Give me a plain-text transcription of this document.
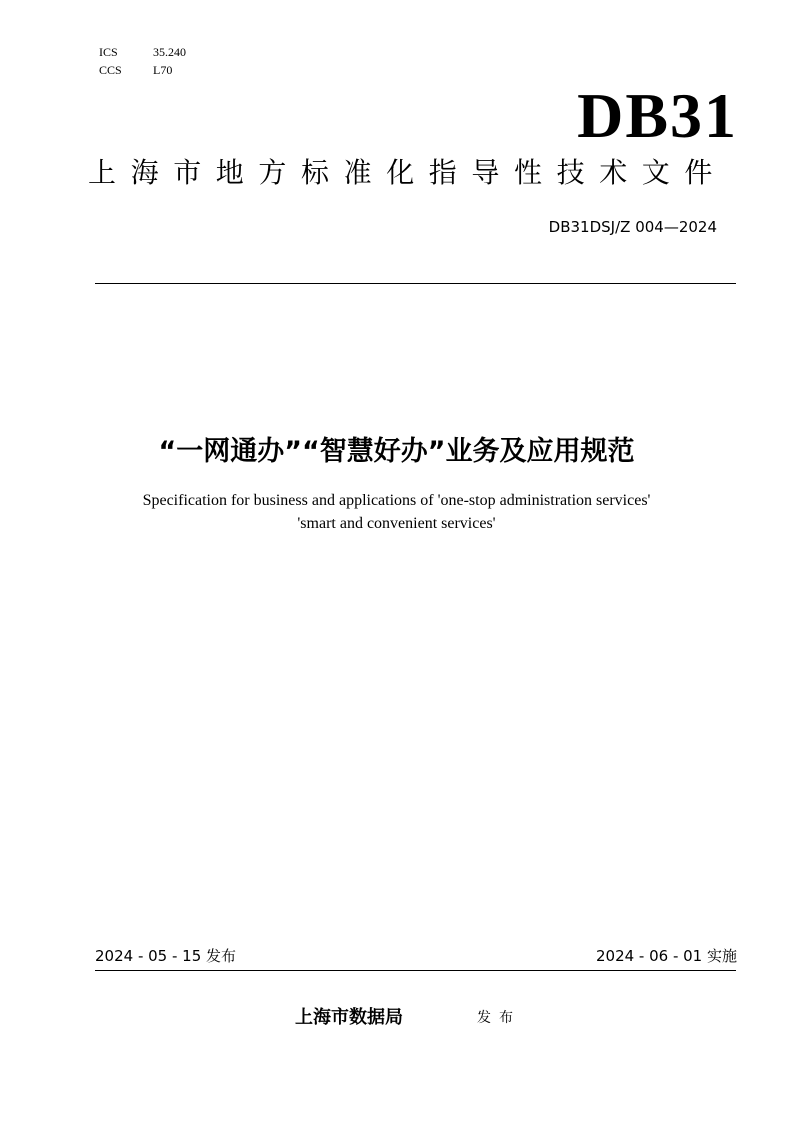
ICS	35.240
CCS	L70
DB31
上海市地方标准化指导性技术文件
DB31DSJ/Z 004—2024
“一网通办”“智慧好办”业务及应用规范
Specification for business and applications of 'one-stop administration services'
'smart and convenient services'
2024 - 05 - 15 发布	2024 - 06 - 01 实施
上海市数据局	发布
